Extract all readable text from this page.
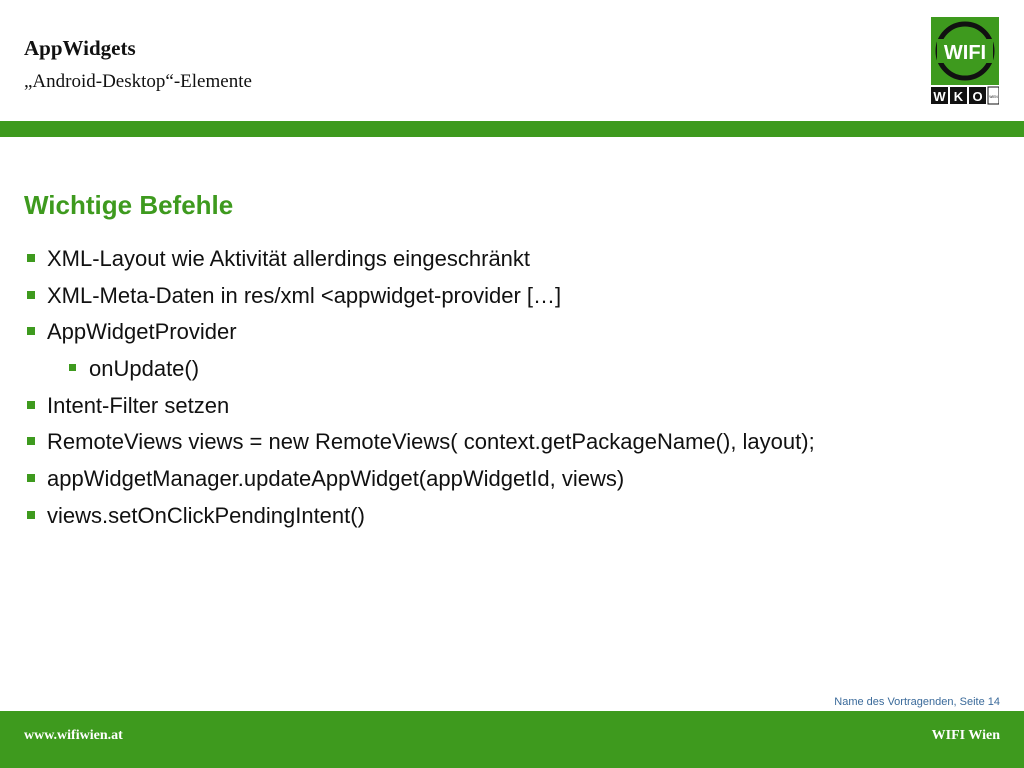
AppWidgets
„Android-Desktop“-Elemente
WIFI
W K O WIEN
Wichtige Befehle
XML-Layout wie Aktivität allerdings eingeschränkt
XML-Meta-Daten in res/xml <appwidget-provider […]
AppWidgetProvider
onUpdate()
Intent-Filter setzen
RemoteViews views = new RemoteViews( context.getPackageName(), layout);
appWidgetManager.updateAppWidget(appWidgetId, views)
views.setOnClickPendingIntent()
Name des Vortragenden, Seite 14
www.wifiwien.at	WIFI Wien
